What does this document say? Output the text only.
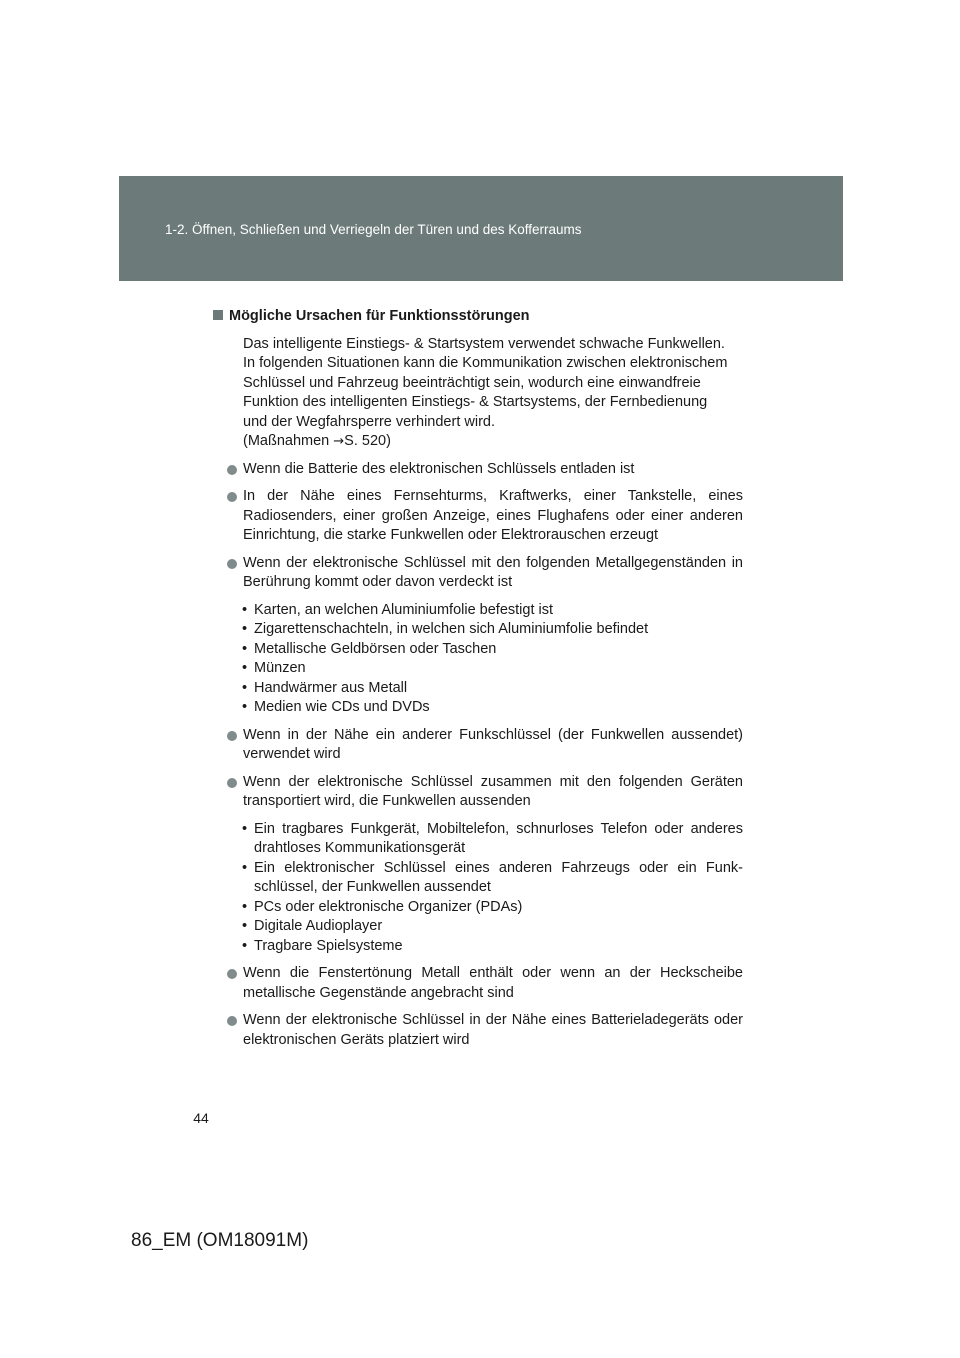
1-2. Öffnen, Schließen und Verriegeln der Türen und des Kofferraums
Mögliche Ursachen für Funktionsstörungen

Das intelligente Einstiegs- & Startsystem verwendet schwache Funkwellen.
In folgenden Situationen kann die Kommunikation zwischen elektronischem
Schlüssel und Fahrzeug beeinträchtigt sein, wodurch eine einwandfreie
Funktion des intelligenten Einstiegs- & Startsystems, der Fernbedienung
und der Wegfahrsperre verhindert wird.
(Maßnahmen →S. 520)

Wenn die Batterie des elektronischen Schlüssels entladen ist

In der Nähe eines Fernsehturms, Kraftwerks, einer Tankstelle, eines Radiosenders, einer großen Anzeige, eines Flughafens oder einer anderen Einrichtung, die starke Funkwellen oder Elektrorauschen erzeugt

Wenn der elektronische Schlüssel mit den folgenden Metallgegenständen in Berührung kommt oder davon verdeckt ist

• Karten, an welchen Aluminiumfolie befestigt ist
• Zigarettenschachteln, in welchen sich Aluminiumfolie befindet
• Metallische Geldbörsen oder Taschen
• Münzen
• Handwärmer aus Metall
• Medien wie CDs und DVDs

Wenn in der Nähe ein anderer Funkschlüssel (der Funkwellen aussendet) verwendet wird

Wenn der elektronische Schlüssel zusammen mit den folgenden Geräten transportiert wird, die Funkwellen aussenden

• Ein tragbares Funkgerät, Mobiltelefon, schnurloses Telefon oder anderes drahtloses Kommunikationsgerät
• Ein elektronischer Schlüssel eines anderen Fahrzeugs oder ein Funkschlüssel, der Funkwellen aussendet
• PCs oder elektronische Organizer (PDAs)
• Digitale Audioplayer
• Tragbare Spielsysteme

Wenn die Fenstertönung Metall enthält oder wenn an der Heckscheibe metallische Gegenstände angebracht sind

Wenn der elektronische Schlüssel in der Nähe eines Batterieladegeräts oder elektronischen Geräts platziert wird

44
86_EM (OM18091M)
